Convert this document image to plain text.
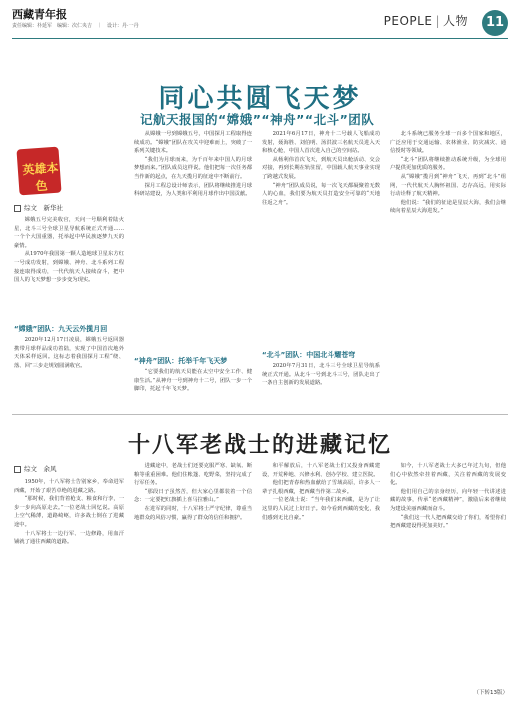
西藏青年报
责任编辑：朴延军　编辑：次仁央吉　｜　设计：丹·一丹	PEOPLE | 人物	11
同心共圆飞天梦
记航天报国的“嫦娥”“神舟”“北斗”团队
英雄本色
综文　新华社

嫦娥五号完美收官，天问一号顺利着陆火星，北斗三号全球卫星导航系统正式开通……一个个大国重器，托举起中华民族逐梦九天的豪情。

从1970年我国第一颗人造地球卫星东方红一号成功发射，到嫦娥、神舟、北斗系列工程接连取得成功，一代代航天人接续奋斗，把中国人的飞天梦想一步步变为现实。

“嫦娥”团队：九天云外揽月回

2020年12月17日凌晨，嫦娥五号返回器携带月球样品成功着陆，实现了中国首次地外天体采样返回。这标志着我国探月工程“绕、落、回”三步走规划圆满收官。

从嫦娥一号到嫦娥五号，中国探月工程取得连续成功。“嫦娥”团队在攻关中迎难而上，突破了一系列关键技术。

“我们为月球而来，为千百年来中国人的月球梦想而来。”团队成员这样说。他们把每一次任务都当作新的起点，在九天揽月的征途中不断前行。

探月工程总设计师表示，团队将继续推进月球科研站建设，为人类和平利用月球作出中国贡献。

“神舟”团队：托举千年飞天梦

“它要我们的航天员能在太空中安全工作、健康生活。”从神舟一号到神舟十二号，团队一步一个脚印，托起千年飞天梦。

2021年6月17日，神舟十二号载人飞船成功发射，聂海胜、刘伯明、汤洪波三名航天员进入天和核心舱，中国人首次进入自己的空间站。

从杨利伟首次飞天，到航天员出舱活动、交会对接，再到长期在轨驻留，中国载人航天事业实现了跨越式发展。

“神舟”团队成员说，每一次飞天都凝聚着无数人的心血，我们要为航天员打造安全可靠的“天地往返之舟”。

“北斗”团队：中国北斗耀苍穹

2020年7月31日，北斗三号全球卫星导航系统正式开通。从北斗一号到北斗三号，团队走出了一条自主创新的发展道路。

北斗系统已服务全球一百多个国家和地区，广泛应用于交通运输、农林渔业、防灾减灾、通信授时等领域。

“北斗”团队将继续推动系统升级，为全球用户提供更加优质的服务。

从“嫦娥”揽月到“神舟”飞天，再到“北斗”组网，一代代航天人胸怀祖国、志存高远，用实际行动诠释了航天精神。

他们说：“我们的征途是星辰大海，我们会继续向着星辰大海进发。”

十八军老战士的进藏记忆
综文　余风

1950年，十八军将士告别家乡，奉命进军西藏，开始了艰苦卓绝的进藏之路。

“那时候，我们背着枪支、粮食和行李，一步一步向高原走去。”一位老战士回忆说。高原上空气稀薄，道路崎岖，许多战士倒在了进藏途中。

十八军将士一边行军、一边修路，用血汗铺就了通往西藏的道路。

进藏途中，老战士们还要克服严寒、缺氧、断粮等重重困难。他们住帐篷、吃野菜，坚持完成了行军任务。

“那段日子虽然苦，但大家心里都装着一个信念：一定要把红旗插上喜马拉雅山。”

在进军的同时，十八军将士严守纪律，尊重当地群众的风俗习惯，赢得了群众的信任和拥护。

和平解放后，十八军老战士们又投身西藏建设，开荒种地、兴修水利、创办学校、建立医院。

他们把青春和热血献给了雪域高原，许多人一辈子扎根西藏，把西藏当作第二故乡。

一位老战士说：“当年我们来西藏，是为了让这里的人民过上好日子。如今看到西藏的变化，我们感到无比自豪。”

如今，十八军老战士大多已年过九旬，但他们心中依然牵挂着西藏，关注着西藏的发展变化。

他们用自己的亲身经历，向年轻一代讲述进藏的故事，传承“老西藏精神”，激励后来者继续为建设美丽西藏而奋斗。

“我们这一代人把西藏交给了你们，希望你们把西藏建设得更加美好。”

（下转13版）
